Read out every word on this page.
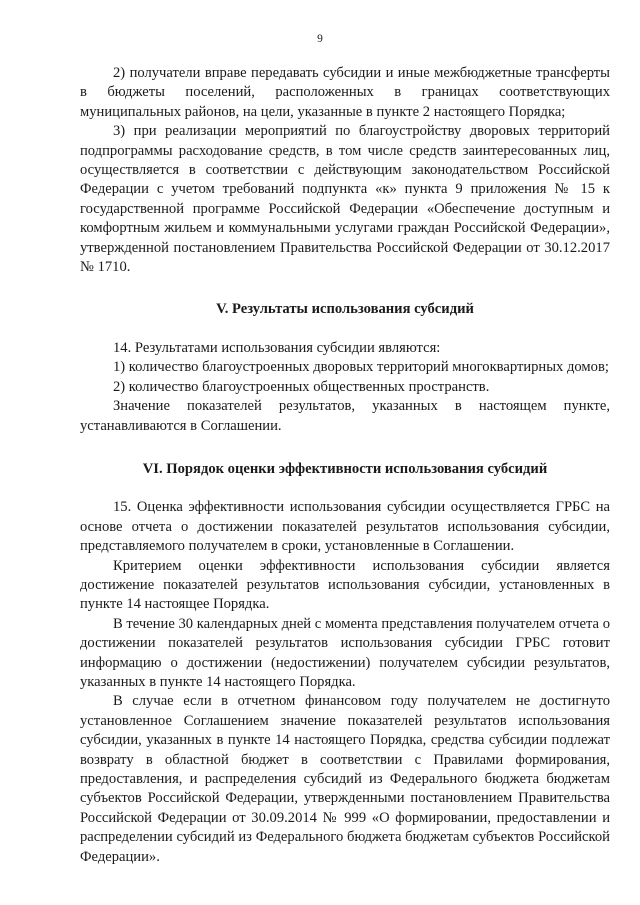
9

2) получатели вправе передавать субсидии и иные межбюджетные трансферты в бюджеты поселений, расположенных в границах соответствующих муниципальных районов, на цели, указанные в пункте 2 настоящего Порядка;

3) при реализации мероприятий по благоустройству дворовых территорий подпрограммы расходование средств, в том числе средств заинтересованных лиц, осуществляется в соответствии с действующим законодательством Российской Федерации с учетом требований подпункта «к» пункта 9 приложения № 15 к государственной программе Российской Федерации «Обеспечение доступным и комфортным жильем и коммунальными услугами граждан Российской Федерации», утвержденной постановлением Правительства Российской Федерации от 30.12.2017 № 1710.

V. Результаты использования субсидий

14. Результатами использования субсидии являются:

1) количество благоустроенных дворовых территорий многоквартирных домов;

2) количество благоустроенных общественных пространств.

Значение показателей результатов, указанных в настоящем пункте, устанавливаются в Соглашении.

VI. Порядок оценки эффективности использования субсидий

15. Оценка эффективности использования субсидии осуществляется ГРБС на основе отчета о достижении показателей результатов использования субсидии, представляемого получателем в сроки, установленные в Соглашении.

Критерием оценки эффективности использования субсидии является достижение показателей результатов использования субсидии, установленных в пункте 14 настоящее Порядка.

В течение 30 календарных дней с момента представления получателем отчета о достижении показателей результатов использования субсидии ГРБС готовит информацию о достижении (недостижении) получателем субсидии результатов, указанных в пункте 14 настоящего Порядка.

В случае если в отчетном финансовом году получателем не достигнуто установленное Соглашением значение показателей результатов использования субсидии, указанных в пункте 14 настоящего Порядка, средства субсидии подлежат возврату в областной бюджет в соответствии с Правилами формирования, предоставления, и распределения субсидий из Федерального бюджета бюджетам субъектов Российской Федерации, утвержденными постановлением Правительства Российской Федерации от 30.09.2014 № 999 «О формировании, предоставлении и распределении субсидий из Федерального бюджета бюджетам субъектов Российской Федерации».
